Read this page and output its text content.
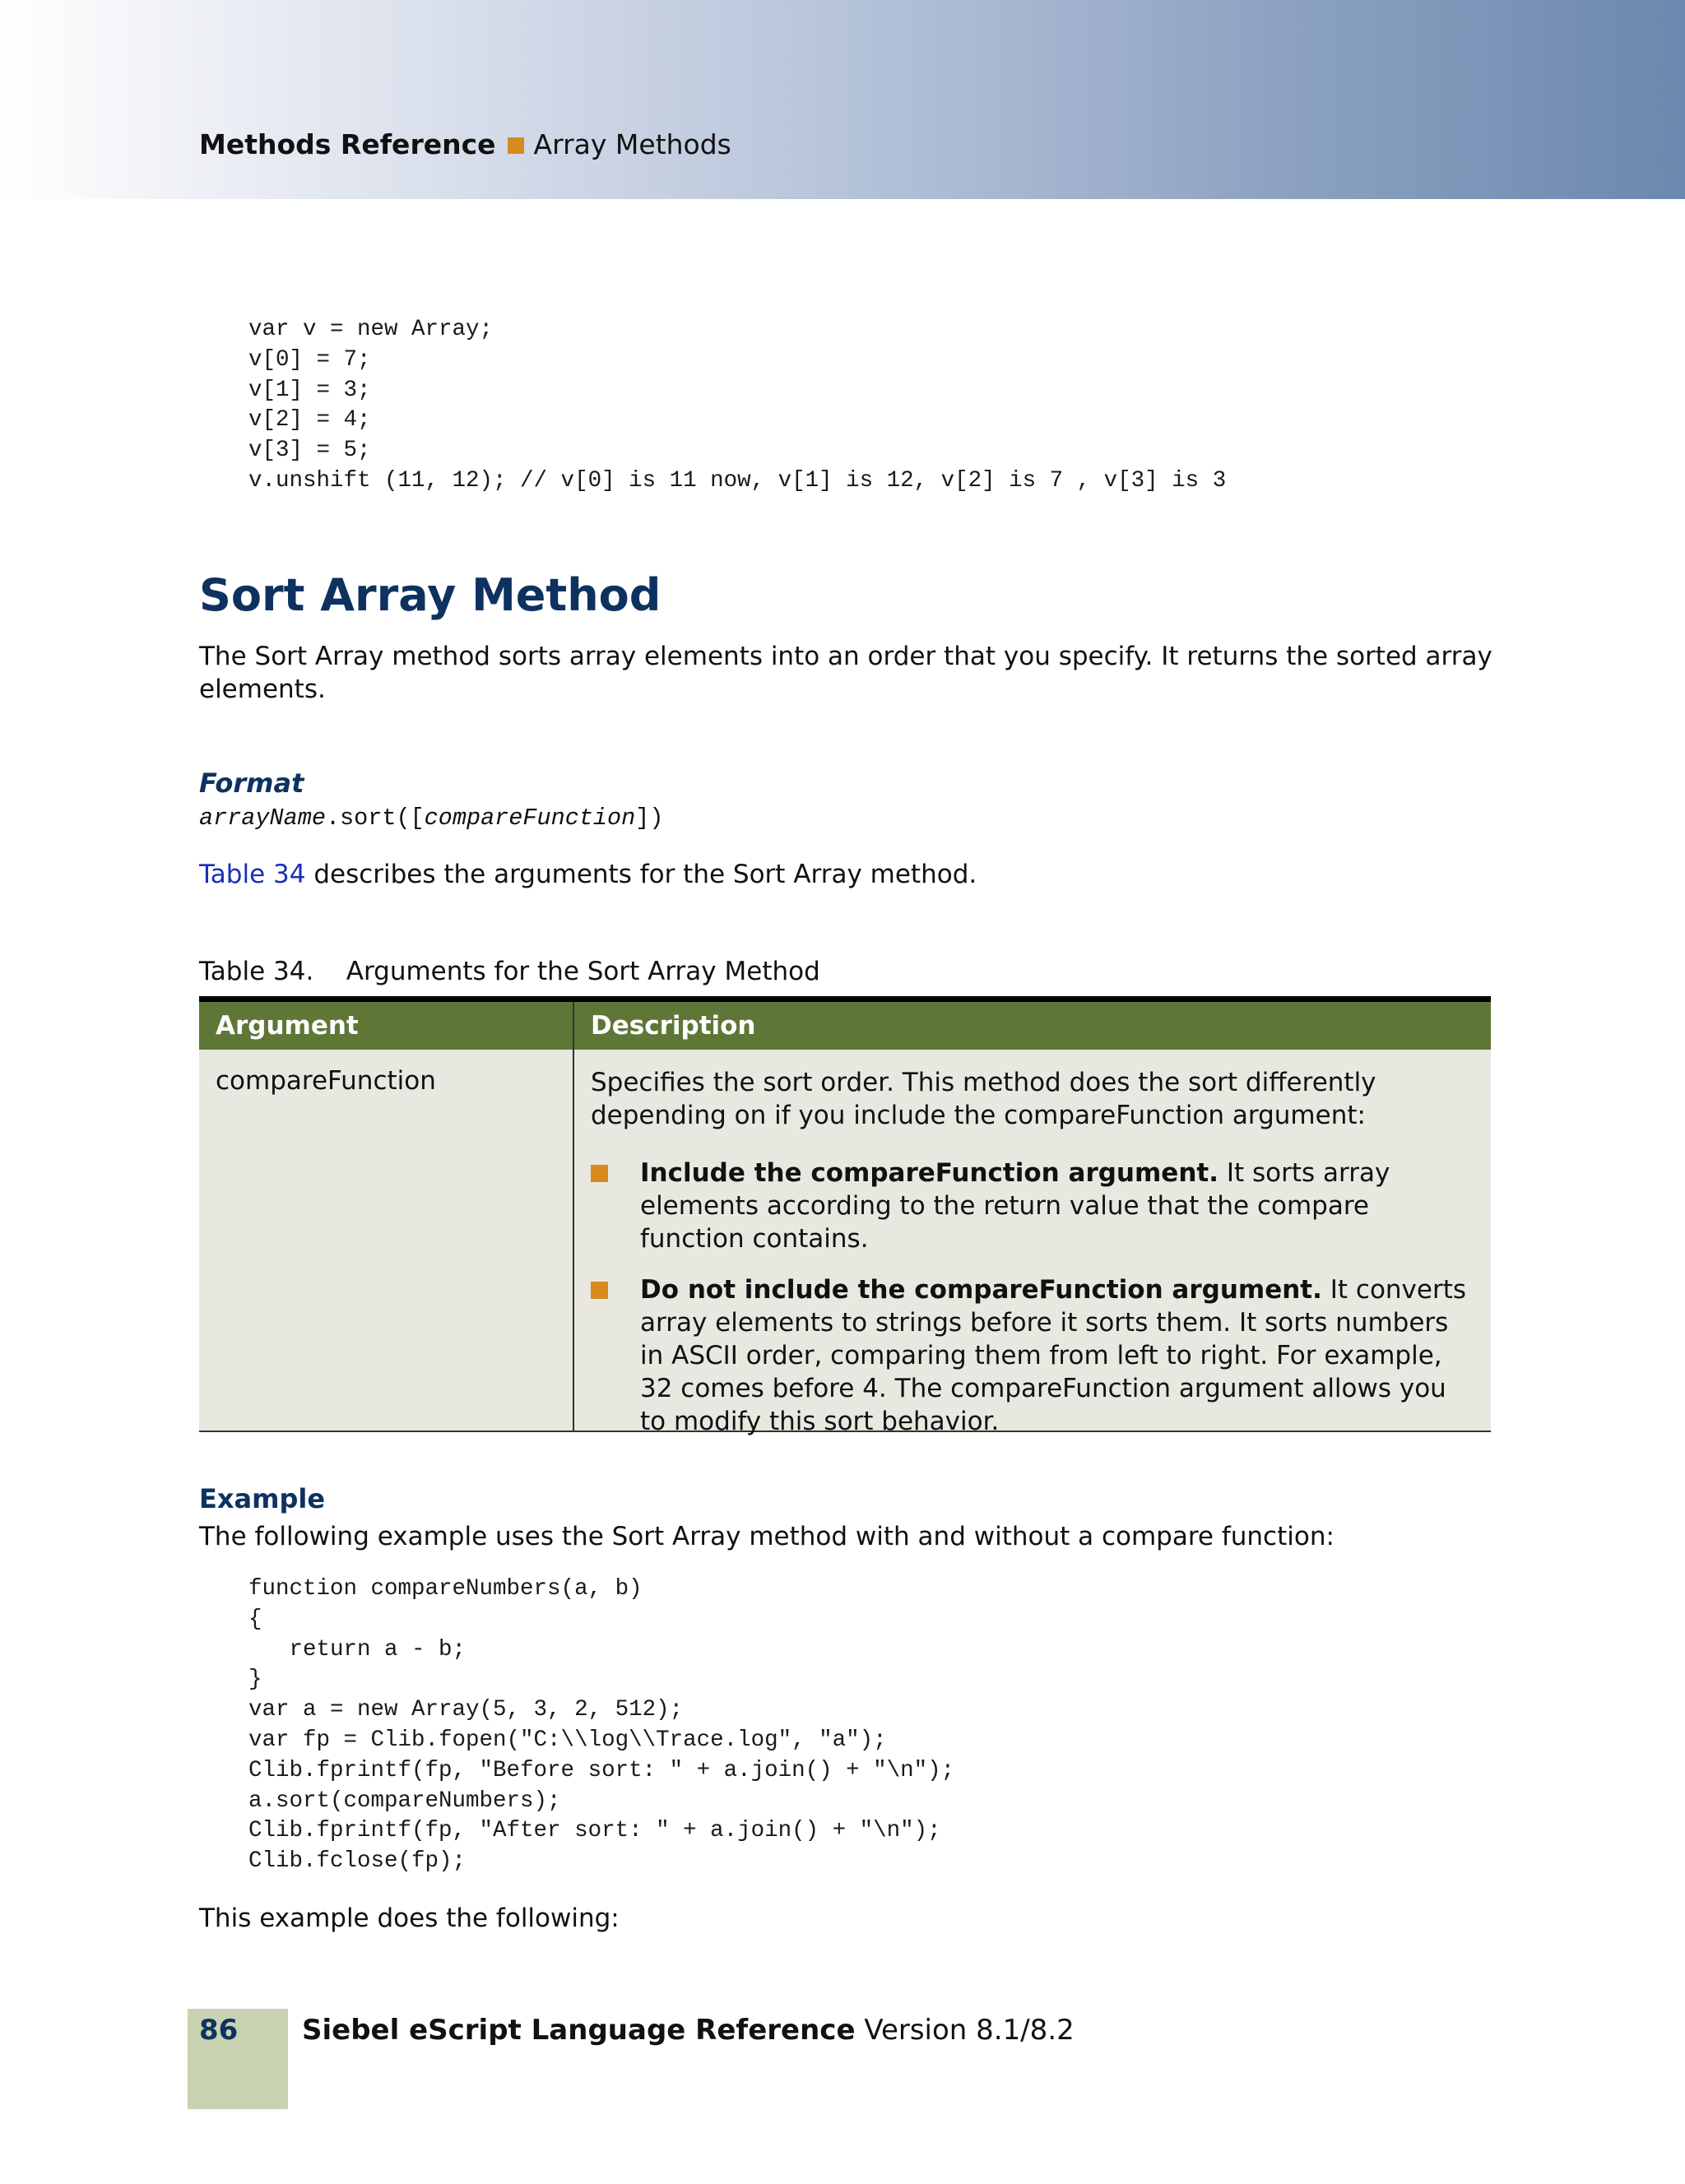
Methods Reference Array Methods
var v = new Array;
v[0] = 7;
v[1] = 3;
v[2] = 4;
v[3] = 5;
v.unshift (11, 12); // v[0] is 11 now, v[1] is 12, v[2] is 7 , v[3] is 3
Sort Array Method
The Sort Array method sorts array elements into an order that you specify. It returns the sorted array elements.
Format
arrayName.sort([compareFunction])
Table 34 describes the arguments for the Sort Array method.
Table 34.    Arguments for the Sort Array Method
Argument	Description
compareFunction	Specifies the sort order. This method does the sort differently depending on if you include the compareFunction argument:
Include the compareFunction argument. It sorts array elements according to the return value that the compare function contains.
Do not include the compareFunction argument. It converts array elements to strings before it sorts them. It sorts numbers in ASCII order, comparing them from left to right. For example, 32 comes before 4. The compareFunction argument allows you to modify this sort behavior.
Example
The following example uses the Sort Array method with and without a compare function:
function compareNumbers(a, b)
{
return a - b;
}
var a = new Array(5, 3, 2, 512);
var fp = Clib.fopen("C:\\log\\Trace.log", "a");
Clib.fprintf(fp, "Before sort: " + a.join() + "\n");
a.sort(compareNumbers);
Clib.fprintf(fp, "After sort: " + a.join() + "\n");
Clib.fclose(fp);
This example does the following:
86 Siebel eScript Language Reference Version 8.1/8.2
